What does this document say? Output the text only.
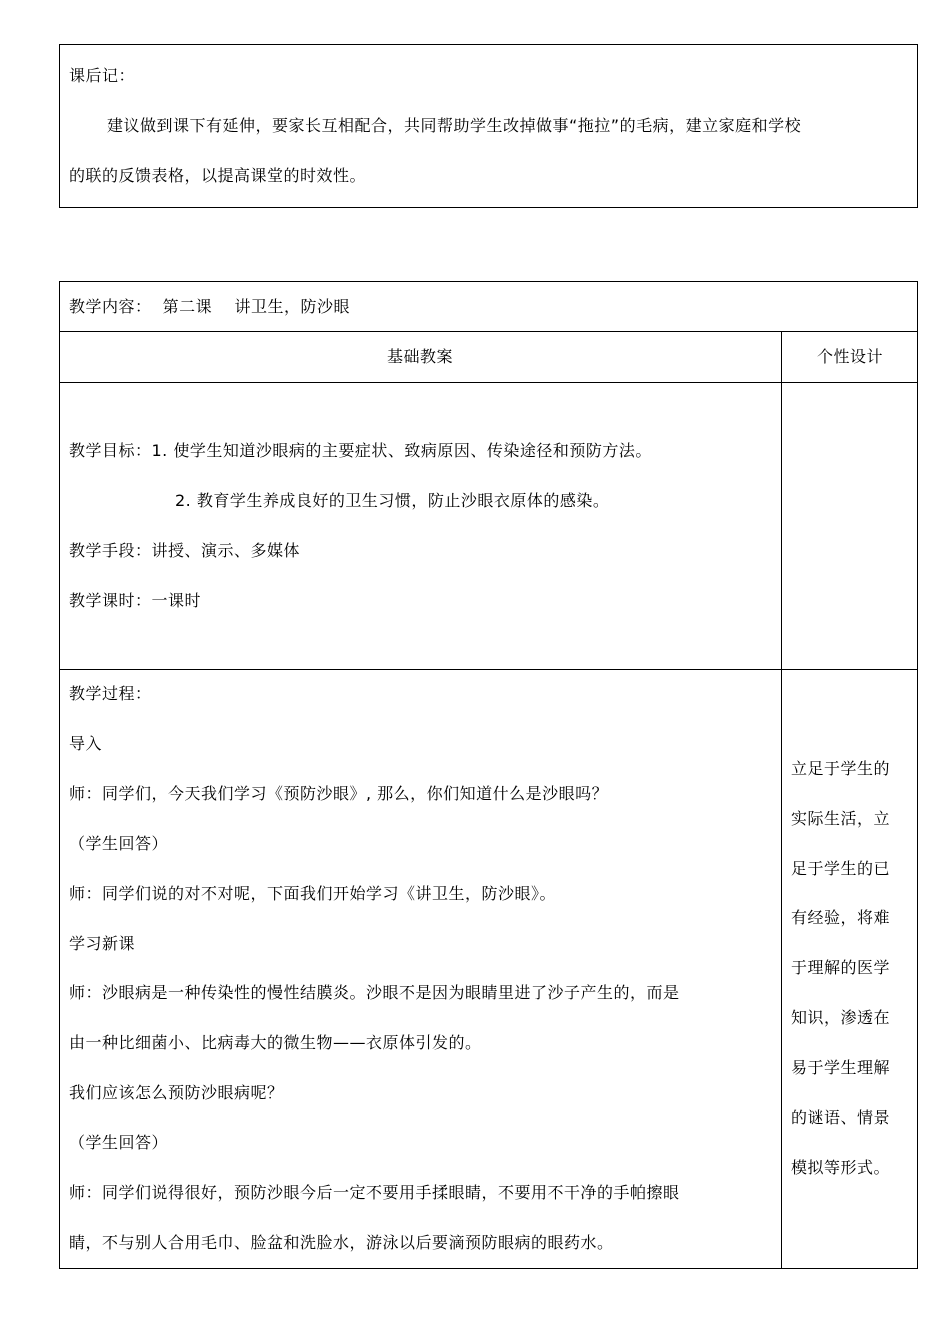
课后记：
建议做到课下有延伸，要家长互相配合，共同帮助学生改掉做事“拖拉”的毛病，建立家庭和学校
的联的反馈表格，以提高课堂的时效性。
教学内容：  第二课    讲卫生，防沙眼
基础教案	个性设计
教学目标：1. 使学生知道沙眼病的主要症状、致病原因、传染途径和预防方法。
2. 教育学生养成良好的卫生习惯，防止沙眼衣原体的感染。
教学手段：讲授、演示、多媒体
教学课时：一课时
教学过程：
导入
师：同学们，今天我们学习《预防沙眼》, 那么，你们知道什么是沙眼吗？
（学生回答）
师：同学们说的对不对呢，下面我们开始学习《讲卫生，防沙眼》。
学习新课
师：沙眼病是一种传染性的慢性结膜炎。沙眼不是因为眼睛里进了沙子产生的，而是
由一种比细菌小、比病毒大的微生物——衣原体引发的。
我们应该怎么预防沙眼病呢？
（学生回答）
师：同学们说得很好，预防沙眼今后一定不要用手揉眼睛，不要用不干净的手帕擦眼
睛，不与别人合用毛巾、脸盆和洗脸水，游泳以后要滴预防眼病的眼药水。
立足于学生的
实际生活，立
足于学生的已
有经验，将难
于理解的医学
知识，渗透在
易于学生理解
的谜语、情景
模拟等形式。
